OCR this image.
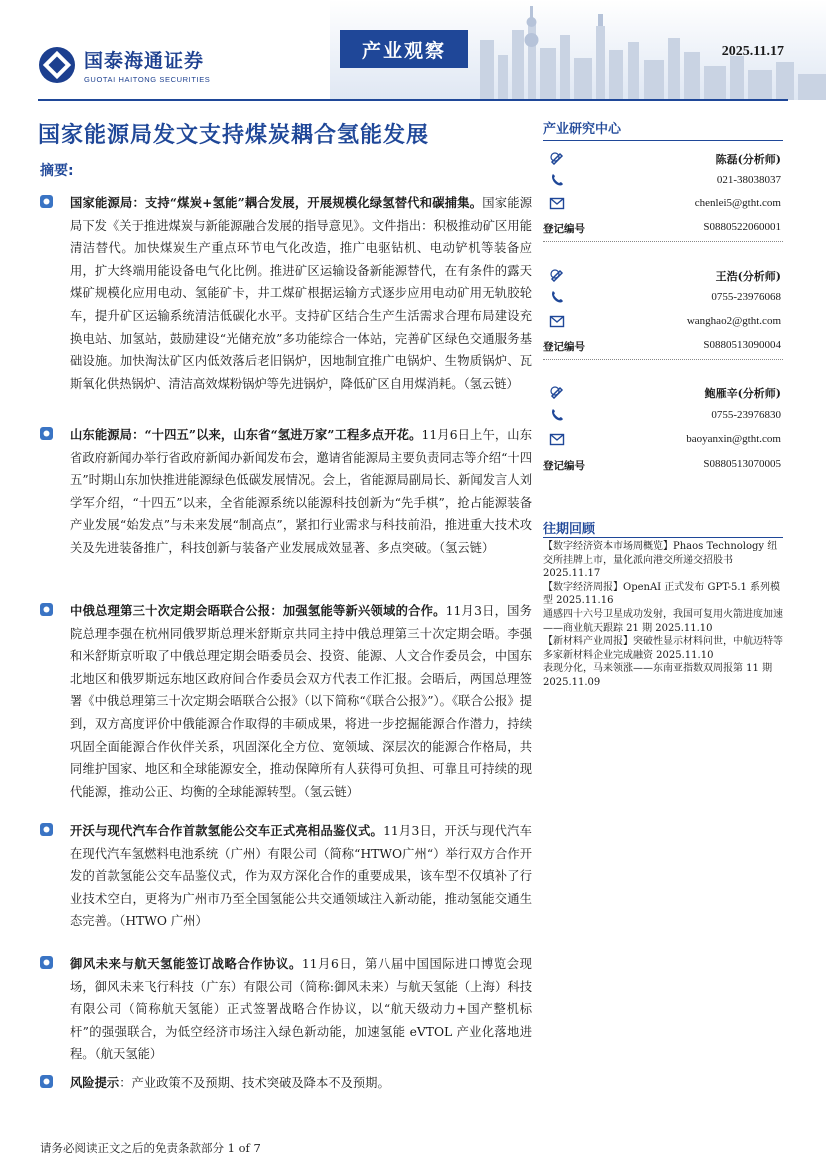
国泰海通证券
GUOTAI HAITONG SECURITIES
产业观察	2025.11.17
国家能源局发文支持煤炭耦合氢能发展
摘要:
国家能源局：支持“煤炭+氢能”耦合发展，开展规模化绿氢替代和碳捕集。国家能源局下发《关于推进煤炭与新能源融合发展的指导意见》。文件指出：积极推动矿区用能清洁替代。加快煤炭生产重点环节电气化改造，推广电驱钻机、电动铲机等装备应用，扩大终端用能设备电气化比例。推进矿区运输设备新能源替代，在有条件的露天煤矿规模化应用电动、氢能矿卡，井工煤矿根据运输方式逐步应用电动矿用无轨胶轮车，提升矿区运输系统清洁低碳化水平。支持矿区结合生产生活需求合理布局建设充换电站、加氢站，鼓励建设“光储充放”多功能综合一体站，完善矿区绿色交通服务基础设施。加快淘汰矿区内低效落后老旧锅炉，因地制宜推广电锅炉、生物质锅炉、瓦斯氧化供热锅炉、清洁高效煤粉锅炉等先进锅炉，降低矿区自用煤消耗。（氢云链）
山东能源局：“十四五”以来，山东省“氢进万家”工程多点开花。11月6日上午，山东省政府新闻办举行省政府新闻办新闻发布会，邀请省能源局主要负责同志等介绍“十四五”时期山东加快推进能源绿色低碳发展情况。会上，省能源局副局长、新闻发言人刘学军介绍，“十四五”以来，全省能源系统以能源科技创新为“先手棋”，抢占能源装备产业发展“始发点”与未来发展“制高点”，紧扣行业需求与科技前沿，推进重大技术攻关及先进装备推广，科技创新与装备产业发展成效显著、多点突破。（氢云链）
中俄总理第三十次定期会晤联合公报：加强氢能等新兴领域的合作。11月3日，国务院总理李强在杭州同俄罗斯总理米舒斯京共同主持中俄总理第三十次定期会晤。李强和米舒斯京听取了中俄总理定期会晤委员会、投资、能源、人文合作委员会，中国东北地区和俄罗斯远东地区政府间合作委员会双方代表工作汇报。会晤后，两国总理签署《中俄总理第三十次定期会晤联合公报》（以下简称“《联合公报》”）。《联合公报》提到，双方高度评价中俄能源合作取得的丰硕成果，将进一步挖掘能源合作潜力，持续巩固全面能源合作伙伴关系，巩固深化全方位、宽领域、深层次的能源合作格局，共同维护国家、地区和全球能源安全，推动保障所有人获得可负担、可靠且可持续的现代能源，推动公正、均衡的全球能源转型。（氢云链）
开沃与现代汽车合作首款氢能公交车正式亮相品鉴仪式。11月3日，开沃与现代汽车在现代汽车氢燃料电池系统（广州）有限公司（简称“HTWO广州“）举行双方合作开发的首款氢能公交车品鉴仪式，作为双方深化合作的重要成果，该车型不仅填补了行业技术空白，更将为广州市乃至全国氢能公共交通领域注入新动能，推动氢能交通生态完善。（HTWO 广州）
御风未来与航天氢能签订战略合作协议。11月6日，第八届中国国际进口博览会现场，御风未来飞行科技（广东）有限公司（简称:御风未来）与航天氢能（上海）科技有限公司（简称航天氢能）正式签署战略合作协议，以“航天级动力+国产整机标杆”的强强联合，为低空经济市场注入绿色新动能，加速氢能 eVTOL 产业化落地进程。（航天氢能）
风险提示：产业政策不及预期、技术突破及降本不及预期。
请务必阅读正文之后的免责条款部分 1 of 7
产业研究中心
陈磊(分析师)
021-38038037
chenlei5@gtht.com
登记编号	S0880522060001
王浩(分析师)
0755-23976068
wanghao2@gtht.com
登记编号	S0880513090004
鲍雁辛(分析师)
0755-23976830
baoyanxin@gtht.com
登记编号	S0880513070005
往期回顾
【数字经济资本市场周概览】Phaos Technology 纽交所挂牌上市，量化派向港交所递交招股书 2025.11.17
【数字经济周报】OpenAI 正式发布 GPT-5.1 系列模型 2025.11.16
通感四十六号卫星成功发射，我国可复用火箭进度加速——商业航天跟踪 21 期 2025.11.10
【新材料产业周报】突破性显示材料问世，中航迈特等多家新材料企业完成融资 2025.11.10
表现分化，马来领涨——东南亚指数双周报第 11 期 2025.11.09
